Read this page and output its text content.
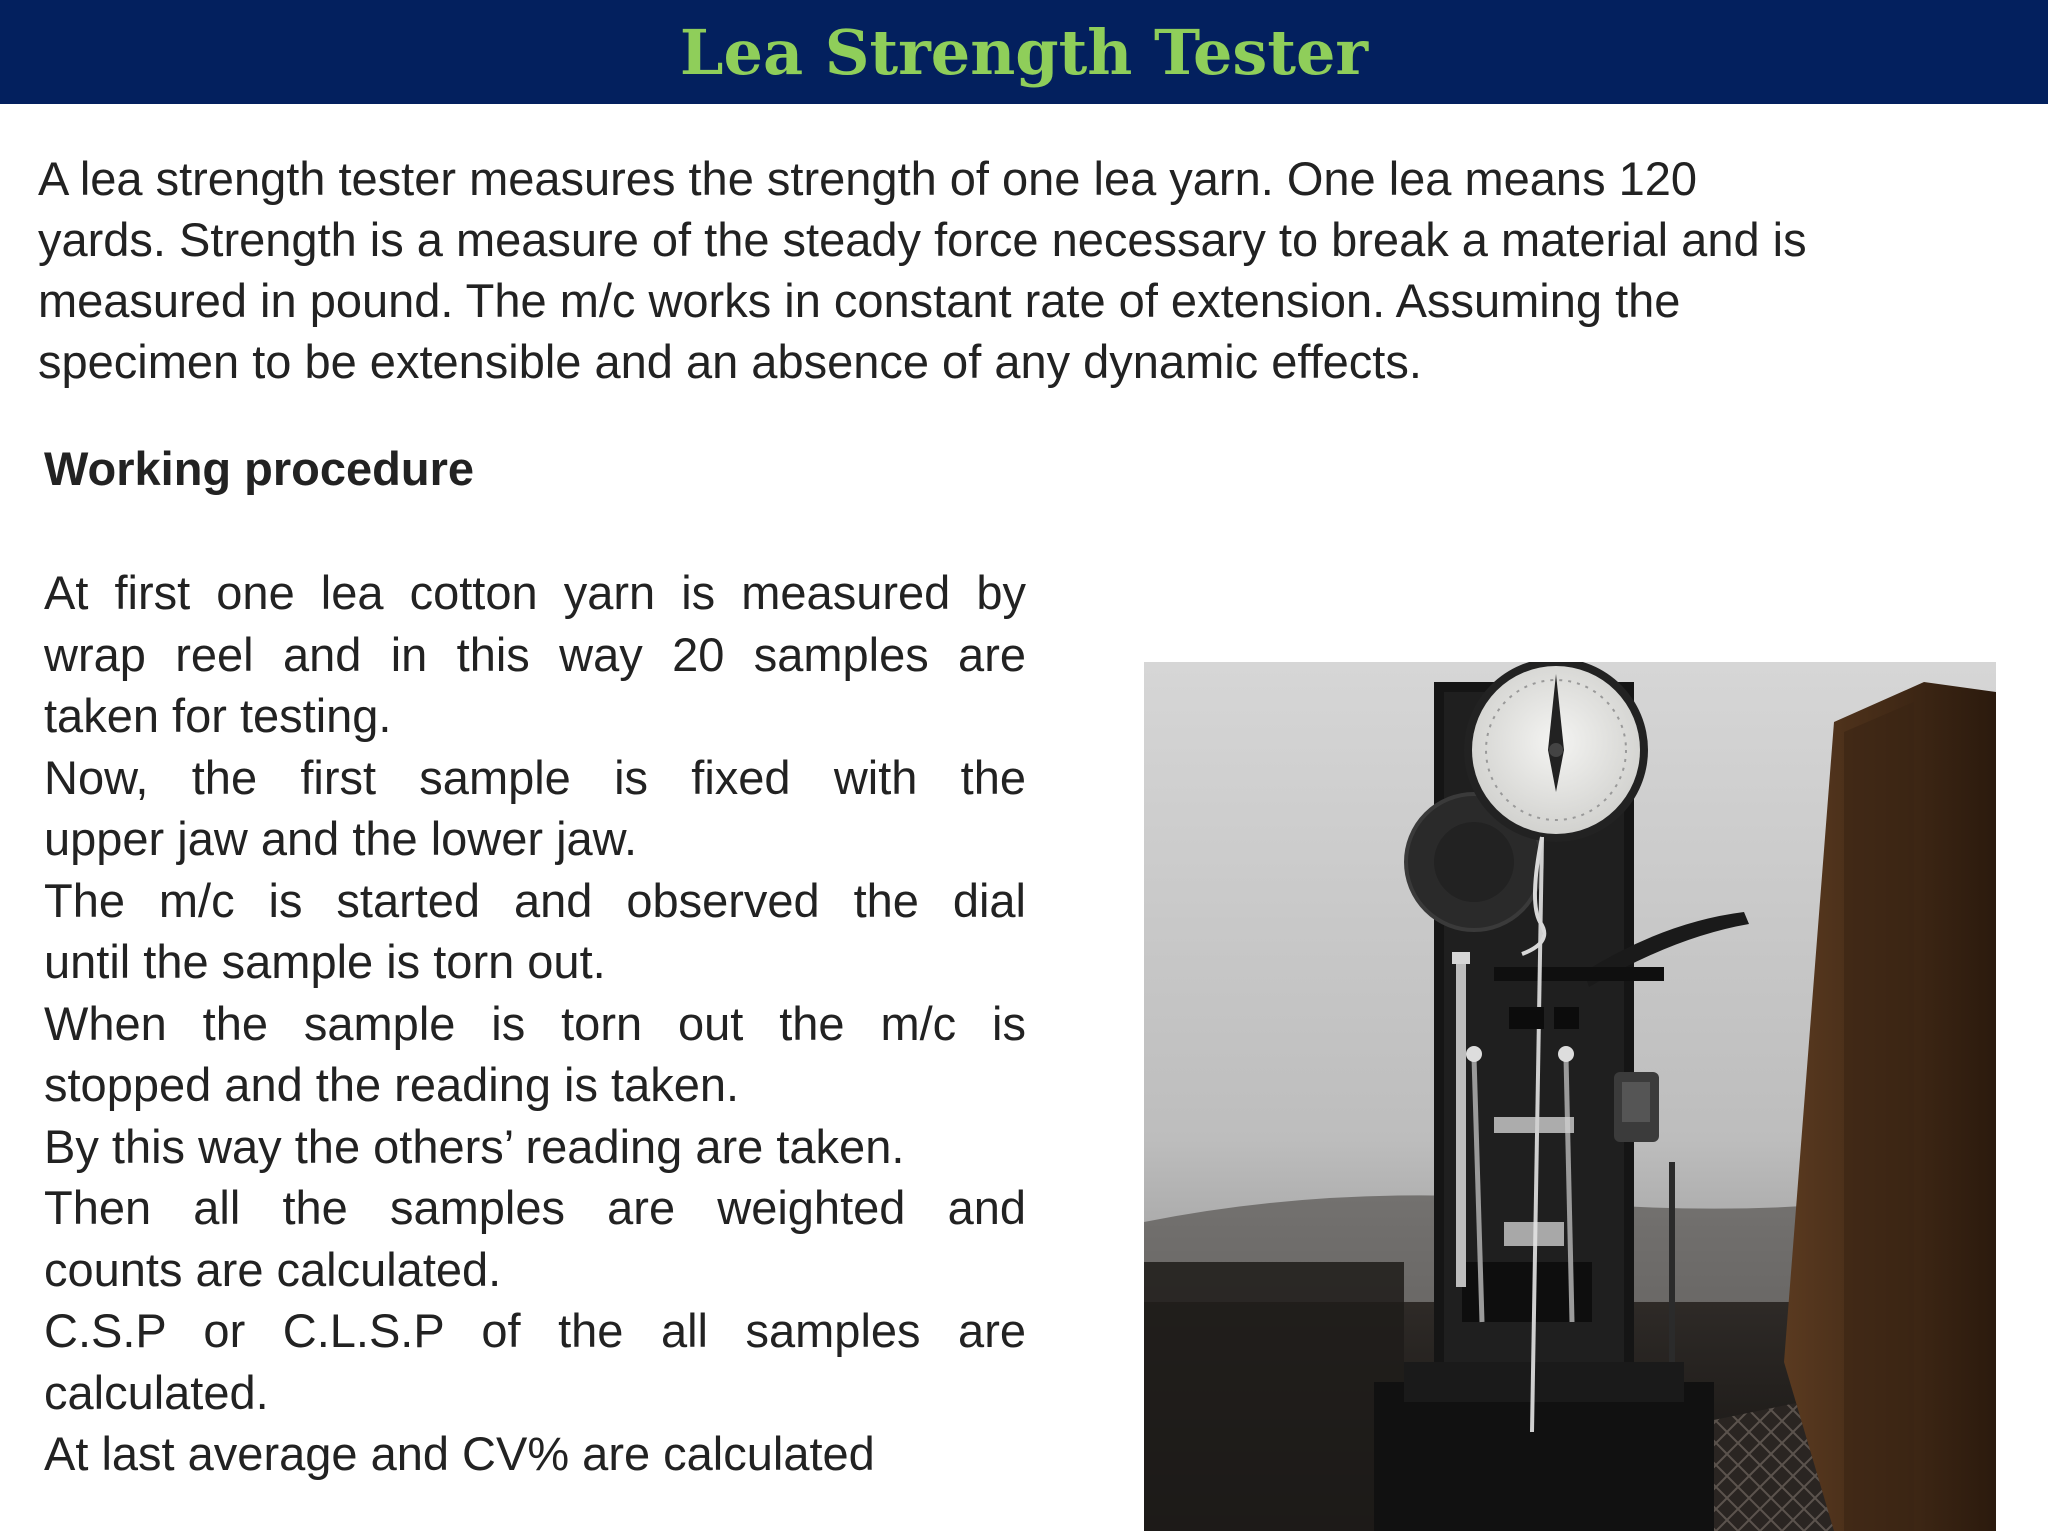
Lea Strength Tester

A lea strength tester measures the strength of one lea yarn. One lea means 120
yards. Strength is a measure of the steady force necessary to break a material and is
measured in pound. The m/c works in constant rate of extension. Assuming the
specimen to be extensible and an absence of any dynamic effects.

Working procedure
At first one lea cotton yarn is measured by
wrap reel and in this way 20 samples are
taken for testing.
Now, the first sample is fixed with the
upper jaw and the lower jaw.
The m/c is started and observed the dial
until the sample is torn out.
When the sample is torn out the m/c is
stopped and the reading is taken.
By this way the others’ reading are taken.
Then all the samples are weighted and
counts are calculated.
C.S.P or C.L.S.P of the all samples are
calculated.
At last average and CV% are calculated
